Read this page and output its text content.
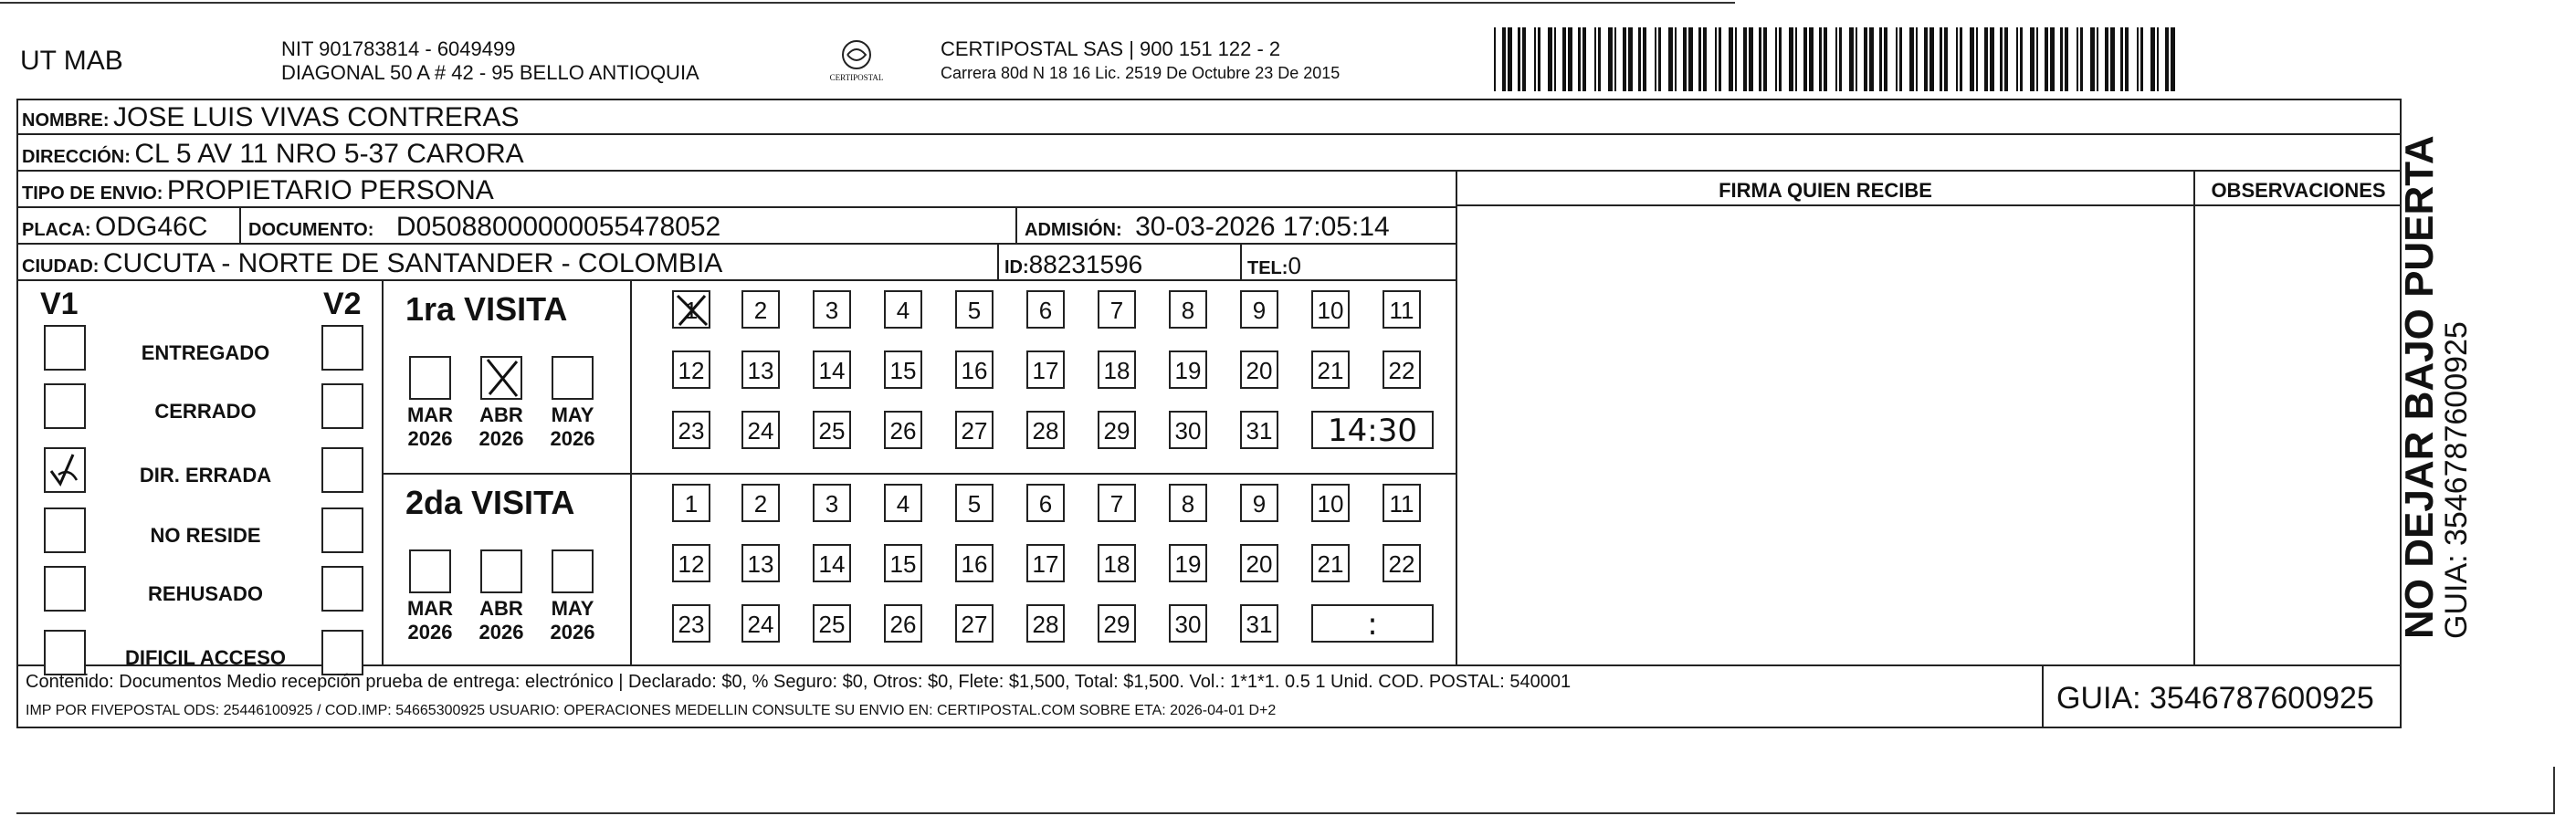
UT MAB	NIT 901783814 - 6049499
DIAGONAL 50 A # 42 - 95 BELLO ANTIOQUIA	CERTIPOSTAL
CERTIPOSTAL SAS | 900 151 122 - 2
Carrera 80d N 18 16 Lic. 2519 De Octubre 23 De 2015
NOMBRE: JOSE LUIS VIVAS CONTRERAS
DIRECCIÓN: CL 5 AV 11 NRO 5-37 CARORA
TIPO DE ENVIO: PROPIETARIO PERSONA
PLACA: ODG46C DOCUMENTO: D05088000000055478052	ADMISIÓN: 30-03-2026 17:05:14
CIUDAD: CUCUTA - NORTE DE SANTANDER - COLOMBIA	ID:88231596	TEL:0
FIRMA QUIEN RECIBE	OBSERVACIONES
V1	V2
ENTREGADO
CERRADO
DIR. ERRADA
NO RESIDE
REHUSADO
DIFICIL ACCESO
1ra VISITA
2da VISITA
MAR
2026
ABR
2026
MAY
2026
1	2	3	4	5	6	7	8	9	10 11
12 13 14 15 16 17 18 19 20 21 22
23 24 25 26 27 28 29 30 31	14:30
MAR
2026
ABR
2026
MAY
2026
1	2	3	4	5	6	7	8	9	10 11
12 13 14 15 16 17 18 19 20 21 22
23 24 25 26 27 28 29 30 31	:
Contenido: Documentos Medio recepción prueba de entrega: electrónico | Declarado: $0, % Seguro: $0, Otros: $0, Flete: $1,500, Total: $1,500. Vol.: 1*1*1. 0.5 1 Unid. COD. POSTAL: 540001
IMP POR FIVEPOSTAL ODS: 25446100925 / COD.IMP: 54665300925 USUARIO: OPERACIONES MEDELLIN CONSULTE SU ENVIO EN: CERTIPOSTAL.COM SOBRE ETA: 2026-04-01 D+2	GUIA: 3546787600925
NO DEJAR BAJO PUERTA
GUIA: 3546787600925
